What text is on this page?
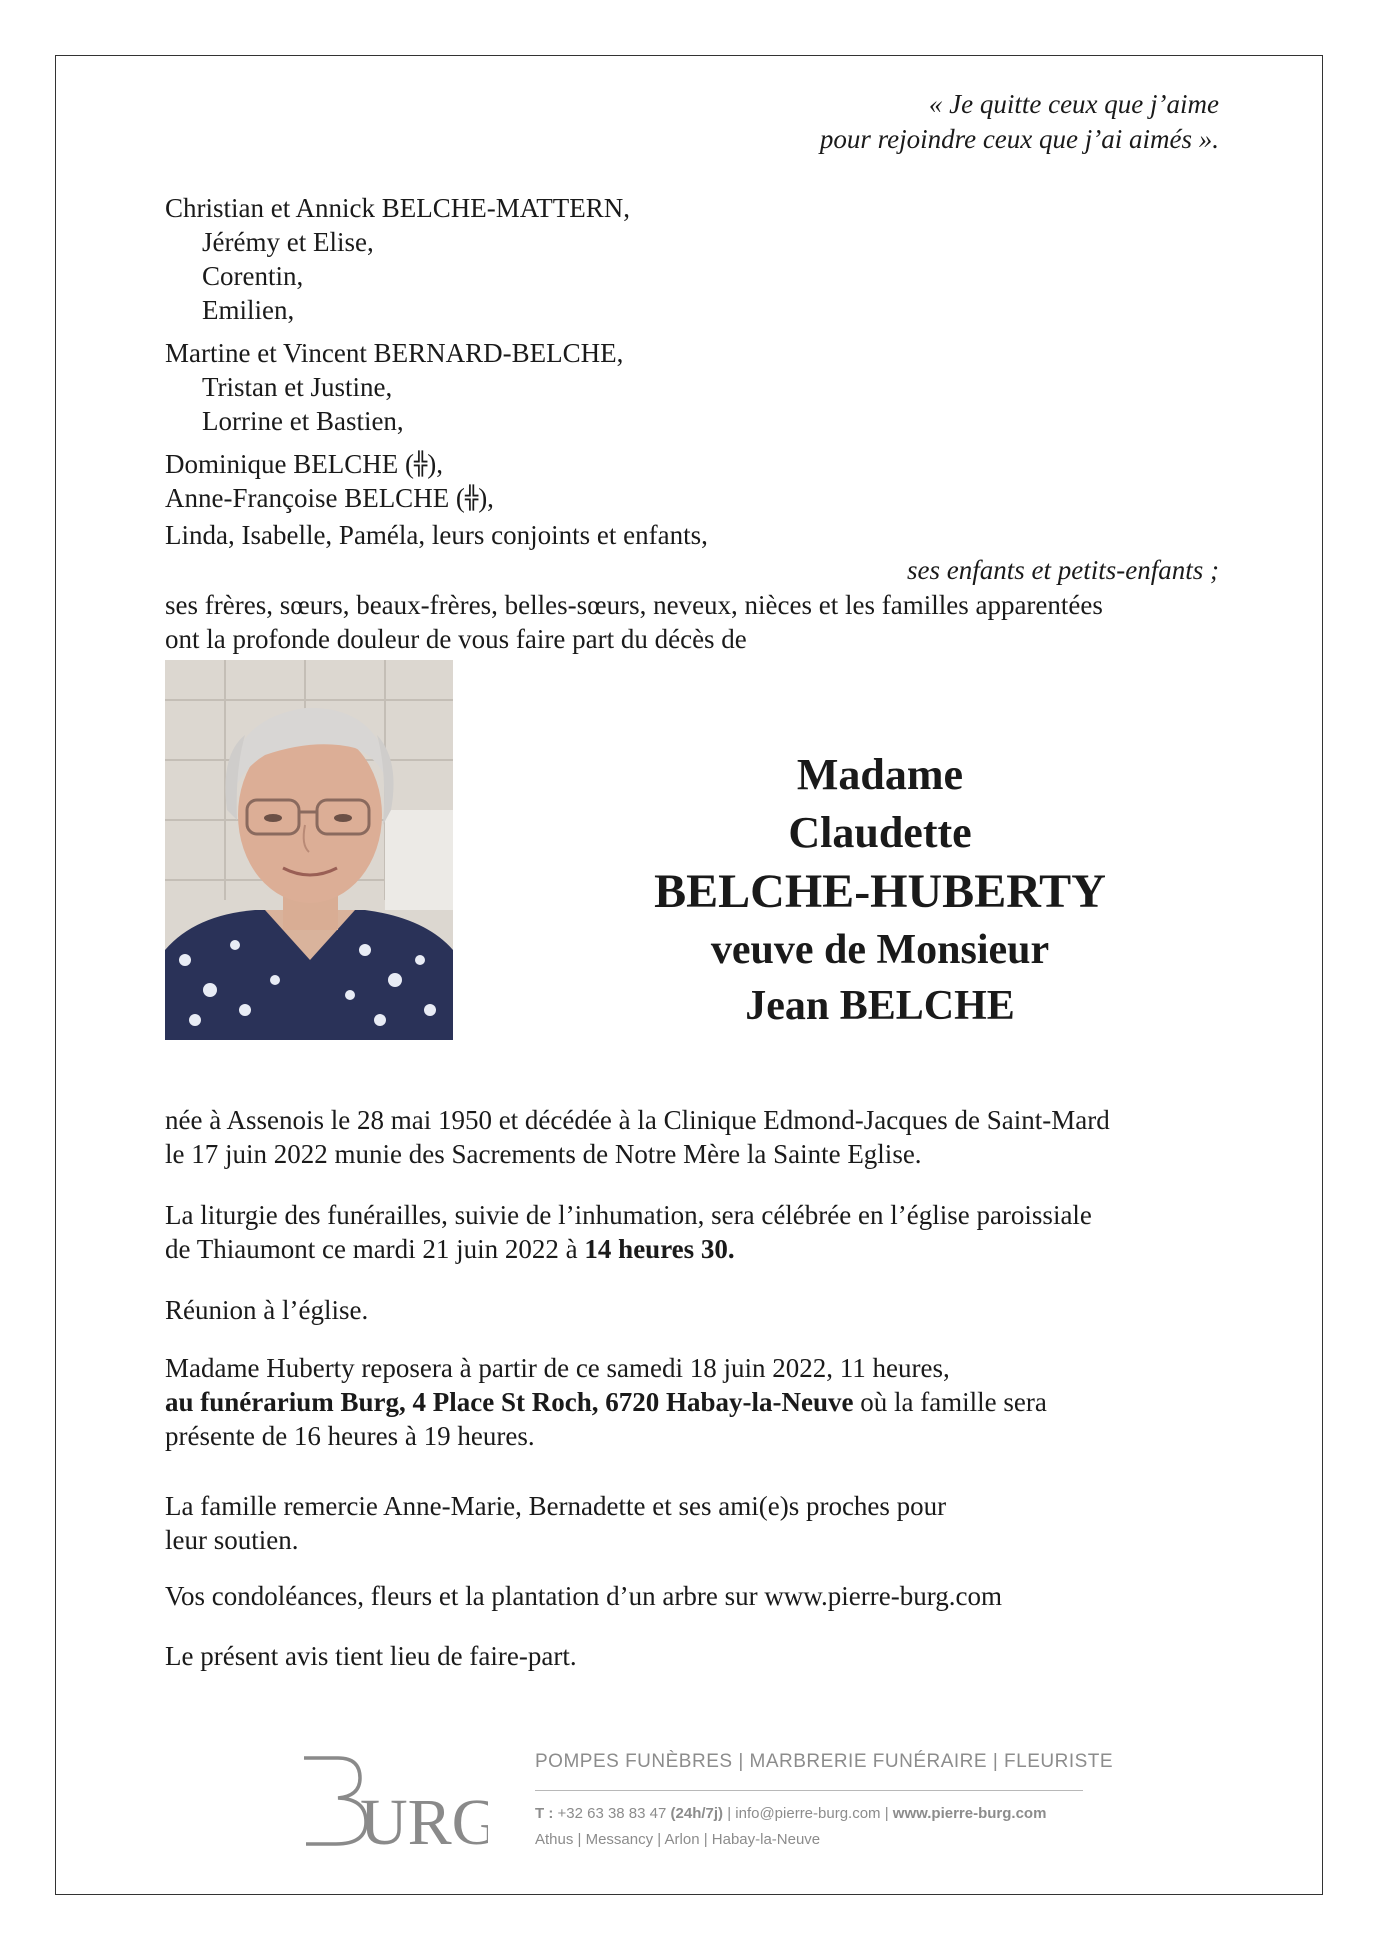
« Je quitte ceux que j’aime
pour rejoindre ceux que j’ai aimés ».
Christian et Annick BELCHE-MATTERN,
Jérémy et Elise,
Corentin,
Emilien,
Martine et Vincent BERNARD-BELCHE,
Tristan et Justine,
Lorrine et Bastien,
Dominique BELCHE (╬),
Anne-Françoise BELCHE (╬),
Linda, Isabelle, Paméla, leurs conjoints et enfants,
ses enfants et petits-enfants ;
ses frères, sœurs, beaux-frères, belles-sœurs, neveux, nièces et les familles apparentées
ont la profonde douleur de vous faire part du décès de
Madame
Claudette
BELCHE-HUBERTY
veuve de Monsieur
Jean BELCHE
née à Assenois le 28 mai 1950 et décédée à la Clinique Edmond-Jacques de Saint-Mard
le 17 juin 2022 munie des Sacrements de Notre Mère la Sainte Eglise.
La liturgie des funérailles, suivie de l’inhumation, sera célébrée en l’église paroissiale
de Thiaumont ce mardi 21 juin 2022 à 14 heures 30.
Réunion à l’église.
Madame Huberty reposera à partir de ce samedi 18 juin 2022, 11 heures,
au funérarium Burg, 4 Place St Roch, 6720 Habay-la-Neuve où la famille sera
présente de 16 heures à 19 heures.
La famille remercie Anne-Marie, Bernadette et ses ami(e)s proches pour
leur soutien.
Vos condoléances, fleurs et la plantation d’un arbre sur www.pierre-burg.com
Le présent avis tient lieu de faire-part.
URG
POMPES FUNÈBRES | MARBRERIE FUNÉRAIRE | FLEURISTE
T : +32 63 38 83 47 (24h/7j) | info@pierre-burg.com | www.pierre-burg.com
Athus | Messancy | Arlon | Habay-la-Neuve
